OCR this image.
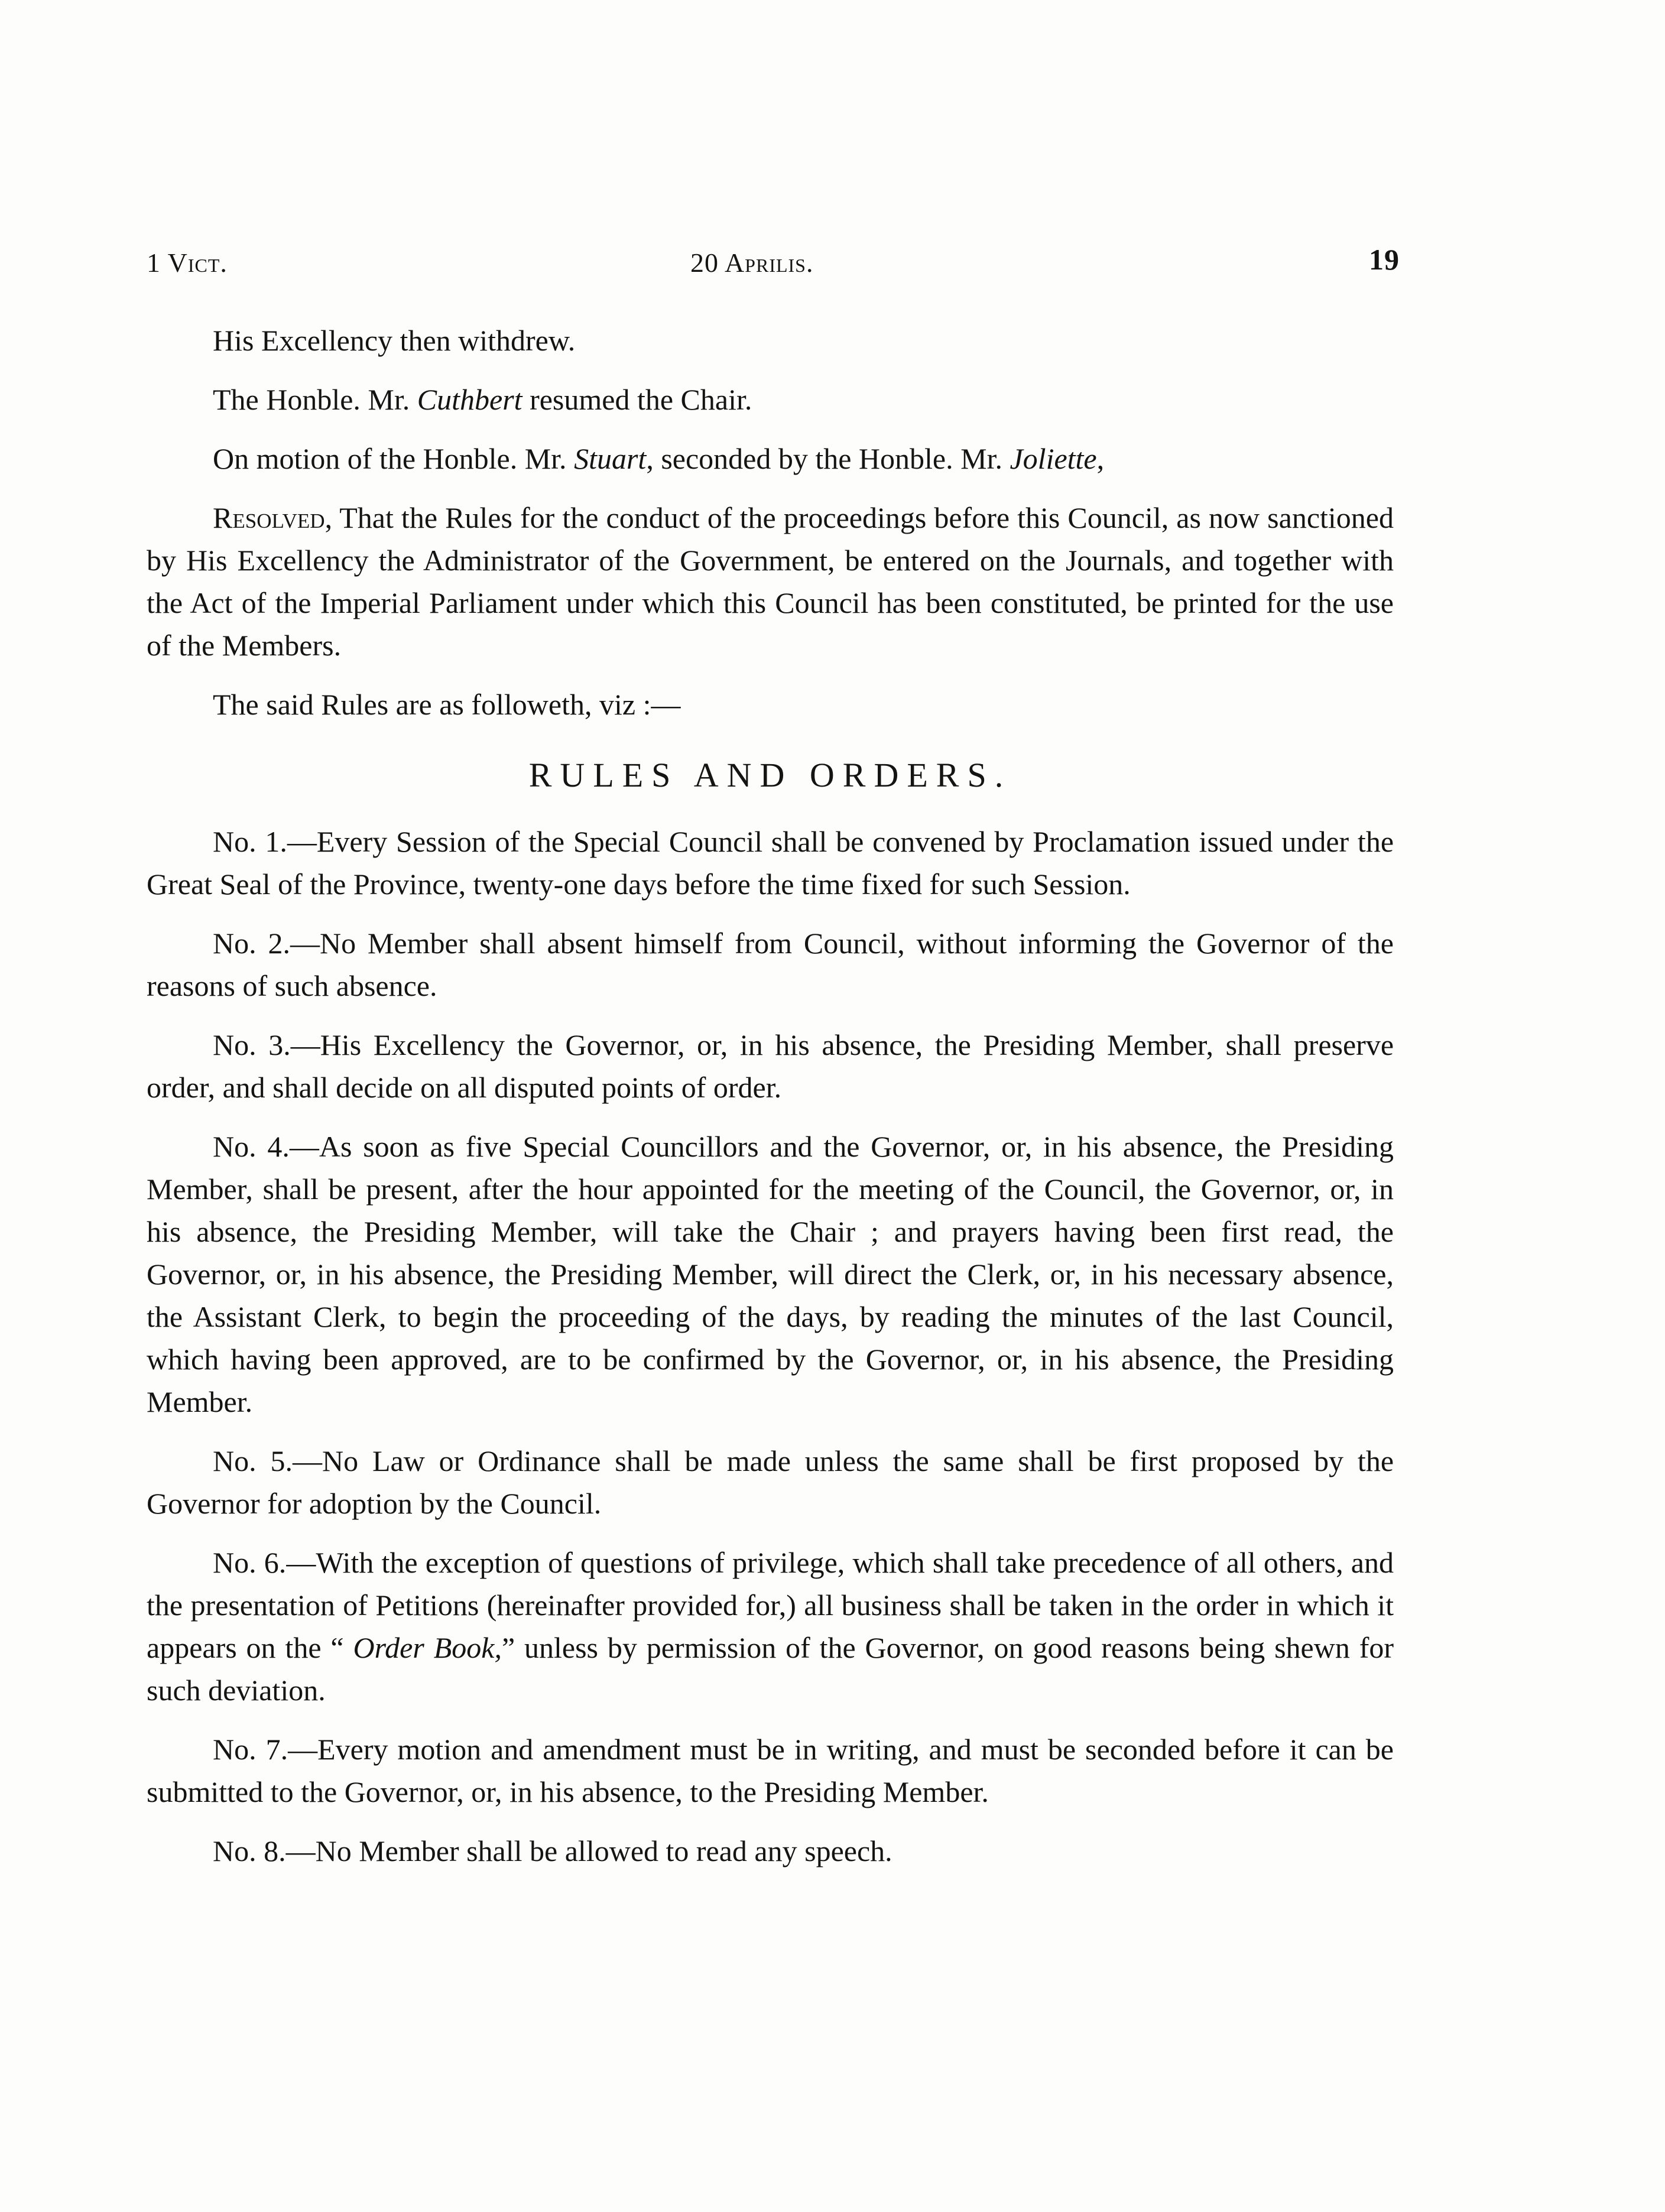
1 Vict.	20 Aprilis.	19

His Excellency then withdrew.

The Honble. Mr. Cuthbert resumed the Chair.

On motion of the Honble. Mr. Stuart, seconded by the Honble. Mr. Joliette,

Resolved, That the Rules for the conduct of the proceedings before this Council, as now sanctioned by His Excellency the Administrator of the Government, be entered on the Journals, and together with the Act of the Imperial Parliament under which this Council has been constituted, be printed for the use of the Members.

The said Rules are as followeth, viz :—

RULES AND ORDERS.

No. 1.—Every Session of the Special Council shall be convened by Proclamation issued under the Great Seal of the Province, twenty-one days before the time fixed for such Session.

No. 2.—No Member shall absent himself from Council, without informing the Governor of the reasons of such absence.

No. 3.—His Excellency the Governor, or, in his absence, the Presiding Member, shall preserve order, and shall decide on all disputed points of order.

No. 4.—As soon as five Special Councillors and the Governor, or, in his absence, the Presiding Member, shall be present, after the hour appointed for the meeting of the Council, the Governor, or, in his absence, the Presiding Member, will take the Chair ; and prayers having been first read, the Governor, or, in his absence, the Presiding Member, will direct the Clerk, or, in his necessary absence, the Assistant Clerk, to begin the proceeding of the days, by reading the minutes of the last Council, which having been approved, are to be confirmed by the Governor, or, in his absence, the Presiding Member.

No. 5.—No Law or Ordinance shall be made unless the same shall be first proposed by the Governor for adoption by the Council.

No. 6.—With the exception of questions of privilege, which shall take precedence of all others, and the presentation of Petitions (hereinafter provided for,) all business shall be taken in the order in which it appears on the “ Order Book,” unless by permission of the Governor, on good reasons being shewn for such deviation.

No. 7.—Every motion and amendment must be in writing, and must be seconded before it can be submitted to the Governor, or, in his absence, to the Presiding Member.

No. 8.—No Member shall be allowed to read any speech.
